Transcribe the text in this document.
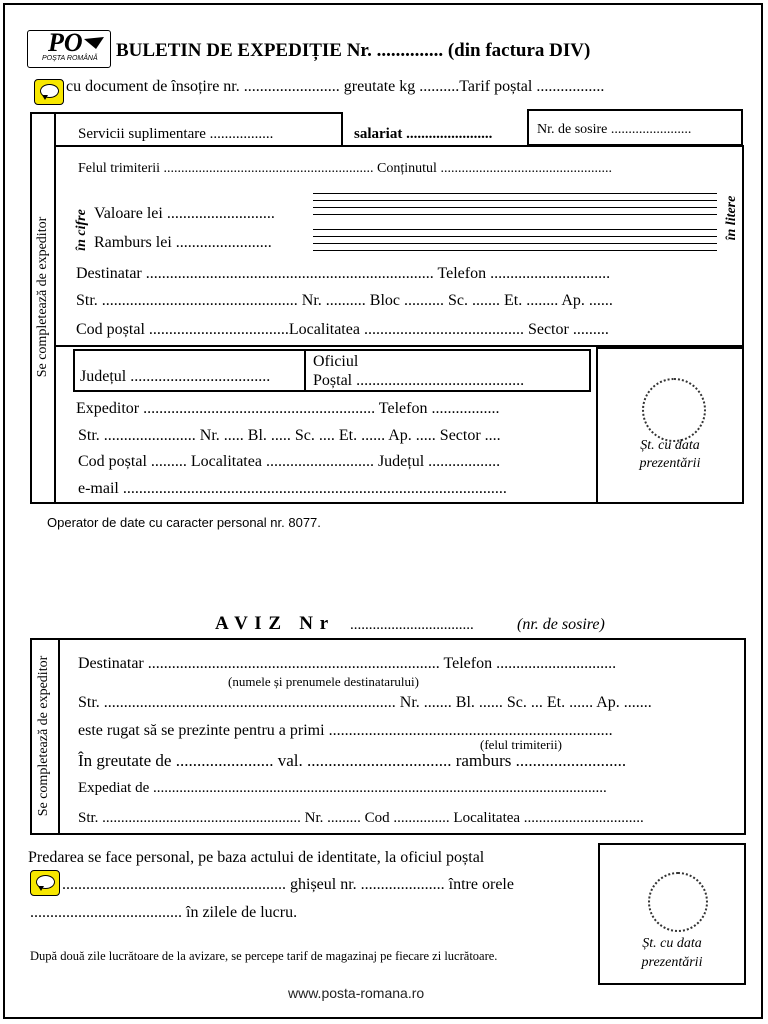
PO
POȘTA ROMÂNĂ BULETIN DE EXPEDIȚIE Nr. .............. (din factura DIV)
cu document de însoțire nr. ........................ greutate kg ..........Tarif poștal .................
Servicii suplimentare .................	salariat .......................	Nr. de sosire .......................
Se completează de expeditor
Felul trimiterii ............................................................ Conținutul .................................................
în cifre Valoare lei ...........................
Ramburs lei ........................
în litere
Destinatar ........................................................................ Telefon ..............................
Str. ................................................. Nr. .......... Bloc .......... Sc. ....... Et. ........ Ap. ......
Cod poștal ...................................Localitatea ........................................ Sector .........
Județul ...................................
Oficiul
Poștal ..........................................
Expeditor .......................................................... Telefon .................
Str. ....................... Nr. ..... Bl. ..... Sc. .... Et. ...... Ap. ..... Sector ....
Cod poștal ......... Localitatea ........................... Județul ..................
e-mail ................................................................................................
Șt. cu data
prezentării
Operator de date cu caracter personal nr. 8077.
A V I Z   N r .................................	(nr. de sosire)
Se completează de expeditor Destinatar ......................................................................... Telefon ..............................
(numele și prenumele destinatarului)
Str. ......................................................................... Nr. ....... Bl. ...... Sc. ... Et. ...... Ap. .......
este rugat să se prezinte pentru a primi .......................................................................
(felul trimiterii)
În greutate de ....................... val. .................................. ramburs ..........................
Expediat de .........................................................................................................................
Str. ..................................................... Nr. ......... Cod ............... Localitatea ................................
Predarea se face personal, pe baza actului de identitate, la oficiul poștal
........................................................ ghișeul nr. ..................... între orele
...................................... în zilele de lucru.
Șt. cu data
prezentării
După două zile lucrătoare de la avizare, se percepe tarif de magazinaj pe fiecare zi lucrătoare.
www.posta-romana.ro
